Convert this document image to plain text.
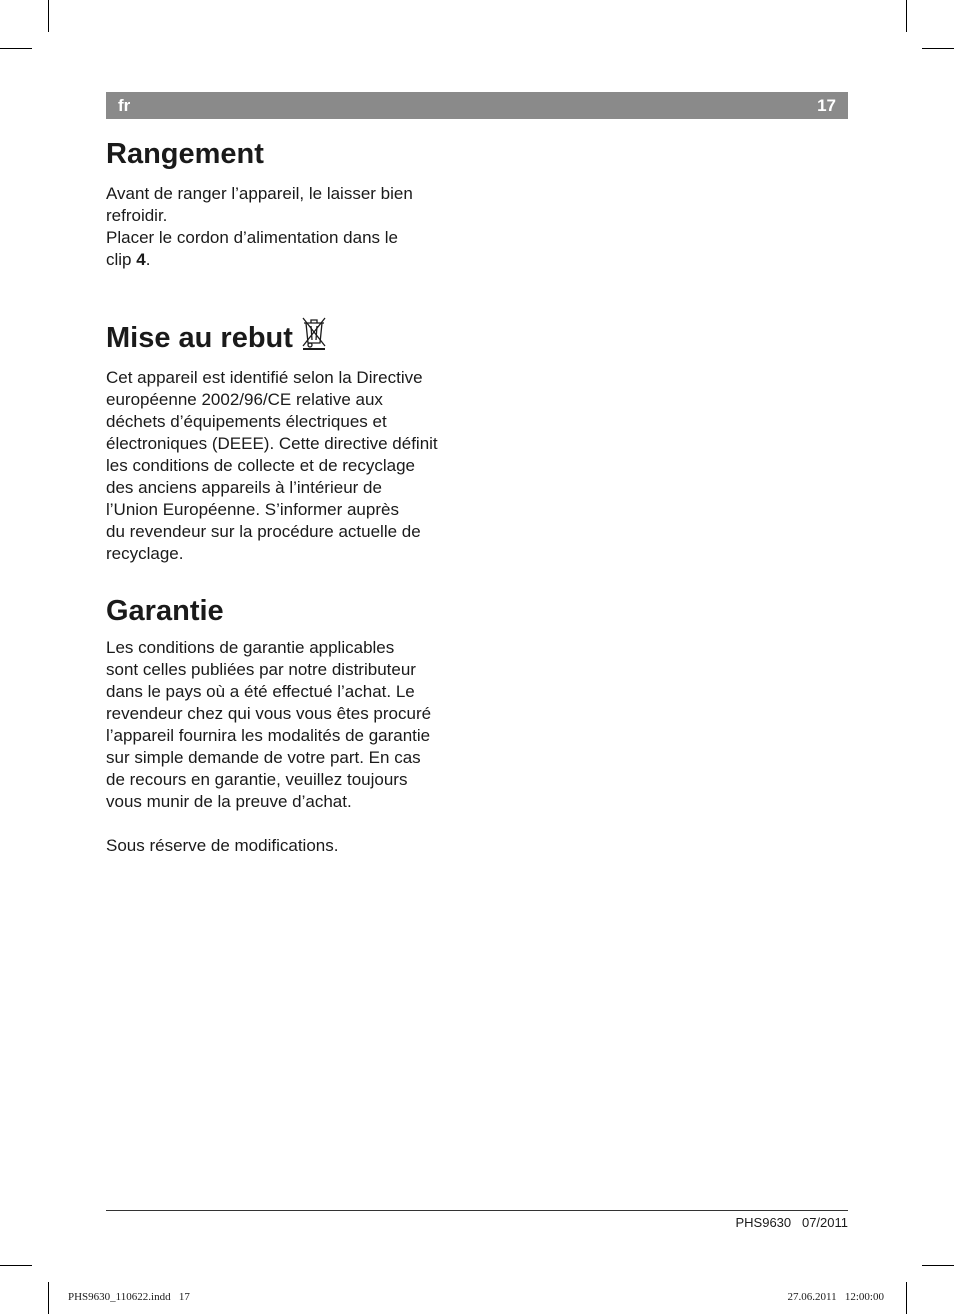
fr	17
Rangement

Avant de ranger l’appareil, le laisser bien

refroidir.

Placer le cordon d’alimentation dans le

clip 4.

Mise au rebut

Cet appareil est identifié selon la Directive

européenne 2002/96/CE relative aux

déchets d’équipements électriques et

électroniques (DEEE). Cette directive définit

les conditions de collecte et de recyclage

des anciens appareils à l’intérieur de

l’Union Européenne. S’informer auprès

du revendeur sur la procédure actuelle de

recyclage.

Garantie

Les conditions de garantie applicables

sont celles publiées par notre distributeur

dans le pays où a été effectué l’achat. Le

revendeur chez qui vous vous êtes procuré

l’appareil fournira les modalités de garantie

sur simple demande de votre part. En cas

de recours en garantie, veuillez toujours

vous munir de la preuve d’achat.

Sous réserve de modifications.

PHS9630   07/2011
PHS9630_110622.indd   17	27.06.2011   12:00:00
